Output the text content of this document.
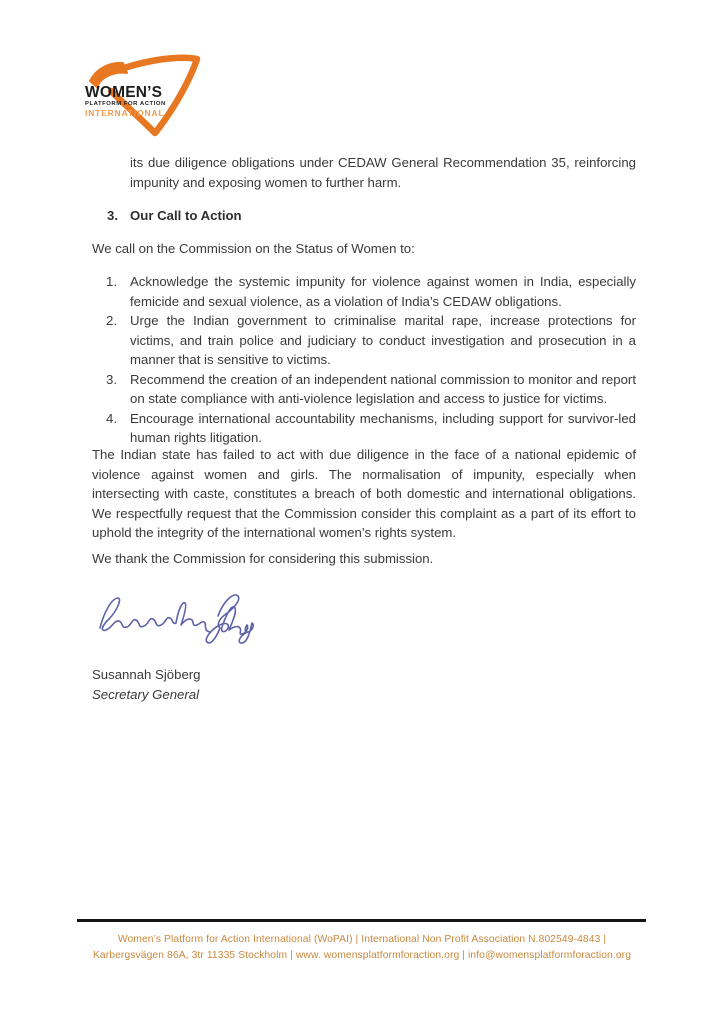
WOMEN’S
PLATFORM FOR ACTION
INTERNATIONAL

its due diligence obligations under CEDAW General Recommendation 35, reinforcing impunity and exposing women to further harm.

3. Our Call to Action

We call on the Commission on the Status of Women to:

1. Acknowledge the systemic impunity for violence against women in India, especially femicide and sexual violence, as a violation of India’s CEDAW obligations.
2. Urge the Indian government to criminalise marital rape, increase protections for victims, and train police and judiciary to conduct investigation and prosecution in a manner that is sensitive to victims.
3. Recommend the creation of an independent national commission to monitor and report on state compliance with anti-violence legislation and access to justice for victims.
4. Encourage international accountability mechanisms, including support for survivor-led human rights litigation.

The Indian state has failed to act with due diligence in the face of a national epidemic of violence against women and girls. The normalisation of impunity, especially when intersecting with caste, constitutes a breach of both domestic and international obligations. We respectfully request that the Commission consider this complaint as a part of its effort to uphold the integrity of the international women’s rights system.

We thank the Commission for considering this submission.

Susannah Sjöberg

Secretary General

Women’s Platform for Action International (WoPAI) | International Non Profit Association N.802549-4843 |
Karbergsvägen 86A, 3tr 11335 Stockholm | www. womensplatformforaction.org | info@womensplatformforaction.org
